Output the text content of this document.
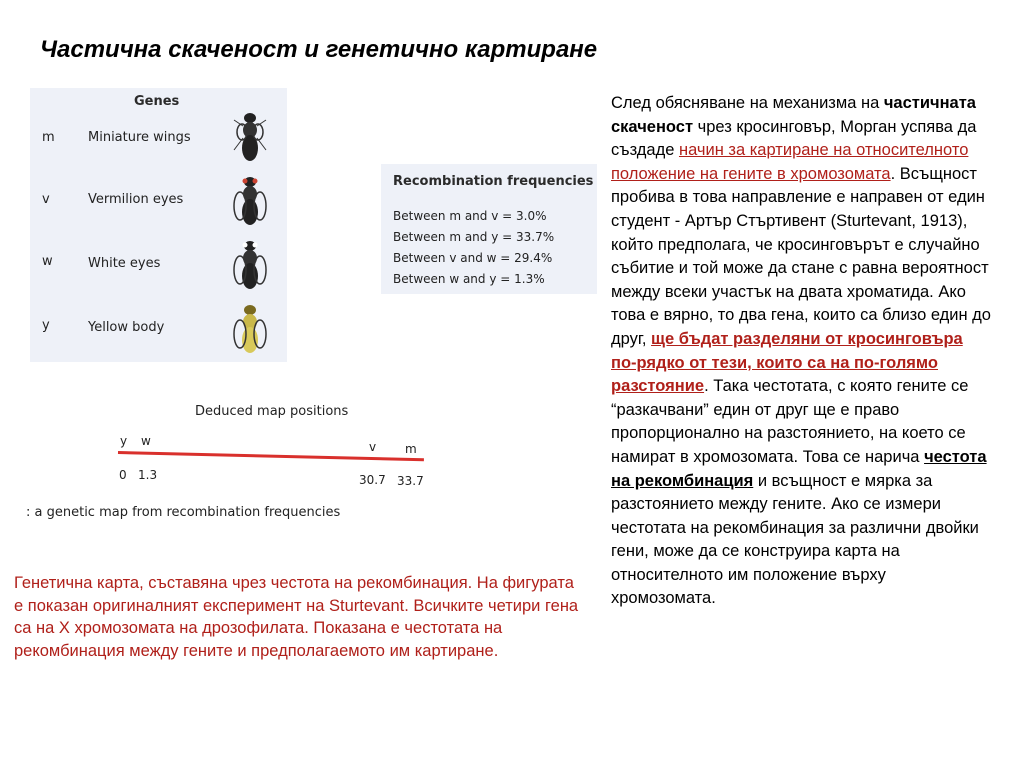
Частична скаченост и генетично картиране
Genes
m	Miniature wings
v	Vermilion eyes
w	White eyes
y	Yellow body
Recombination frequencies
Between m and v = 3.0%
Between m and y = 33.7%
Between v and w = 29.4%
Between w and y = 1.3%
Deduced map positions
y w	v m
0 1.3	30.7 33.7
: a genetic map from recombination frequencies
Генетична карта, съставяна чрез честота на рекомбинация. На фигурата е показан оригиналният експеримент на Sturtevant. Всичките четири гена са на X хромозомата на дрозофилата. Показана е честотата на рекомбинация между гените и предполагаемото им картиране.
След обясняване на механизма на частичната скаченост чрез кросинговър, Морган успява да създаде начин за картиране на относителното положение на гените в хромозомата. Всъщност пробива в това направление е направен от един студент - Артър Стъртивент (Sturtevant, 1913), който предполага, че кросинговърът е случайно събитие и той може да стане с равна вероятност между всеки участък на двата хроматида. Ако това е вярно, то два гена, които са близо един до друг, ще бъдат разделяни от кросинговъра по-рядко от тези, които са на по-голямо разстояние. Така честотата, с която гените се “разкачвани” един от друг ще е право пропорционално на разстоянието, на което се намират в хромозомата. Това се нарича честота на рекомбинация и всъщност е мярка за разстоянието между гените. Ако се измери честотата на рекомбинация за различни двойки гени, може да се конструира карта на относителното им положение върху хромозомата.
